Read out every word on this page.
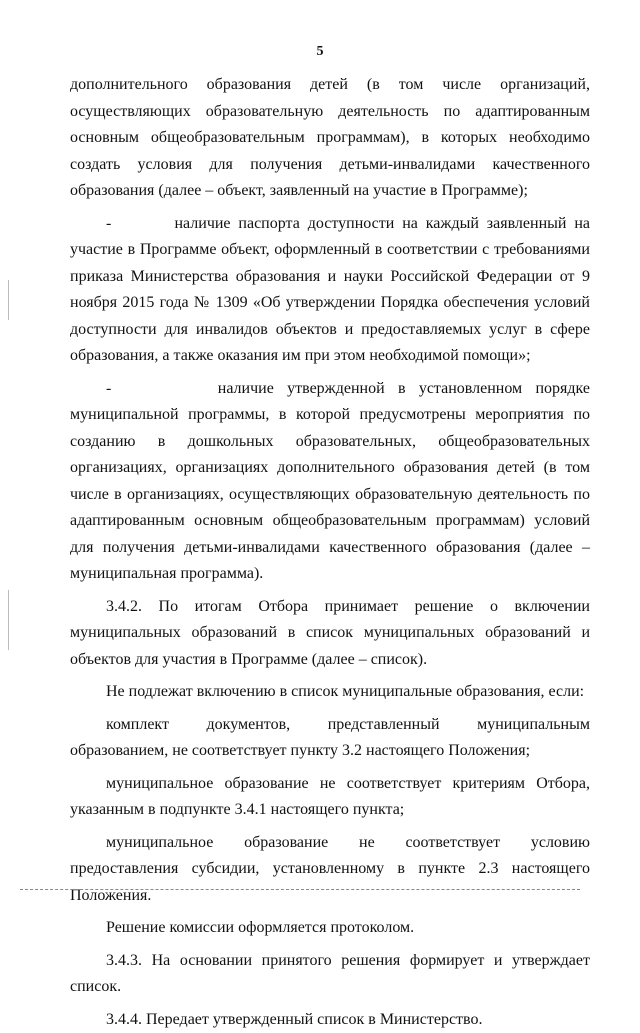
5

дополнительного образования детей (в том числе организаций, осуществляющих образовательную деятельность по адаптированным основным общеобразовательным программам), в которых необходимо создать условия для получения детьми-инвалидами качественного образования (далее – объект, заявленный на участие в Программе);

-        наличие паспорта доступности на каждый заявленный на участие в Программе объект, оформленный в соответствии с требованиями приказа Министерства образования и науки Российской Федерации от 9 ноября 2015 года № 1309 «Об утверждении Порядка обеспечения условий доступности для инвалидов объектов и предоставляемых услуг в сфере образования, а также оказания им при этом необходимой помощи»;

-        наличие утвержденной в установленном порядке муниципальной программы, в которой предусмотрены мероприятия по созданию в дошкольных образовательных, общеобразовательных организациях, организациях дополнительного образования детей (в том числе в организациях, осуществляющих образовательную деятельность по адаптированным основным общеобразовательным программам) условий для получения детьми-инвалидами качественного образования (далее – муниципальная программа).

3.4.2. По итогам Отбора принимает решение о включении муниципальных образований в список муниципальных образований и объектов для участия в Программе (далее – список).

Не подлежат включению в список муниципальные образования, если:

комплект документов, представленный муниципальным образованием, не соответствует пункту 3.2 настоящего Положения;

муниципальное образование не соответствует критериям Отбора, указанным в подпункте 3.4.1 настоящего пункта;

муниципальное образование не соответствует условию предоставления субсидии, установленному в пункте 2.3 настоящего Положения.

Решение комиссии оформляется протоколом.

3.4.3. На основании принятого решения формирует и утверждает список.

3.4.4. Передает утвержденный список в Министерство.
